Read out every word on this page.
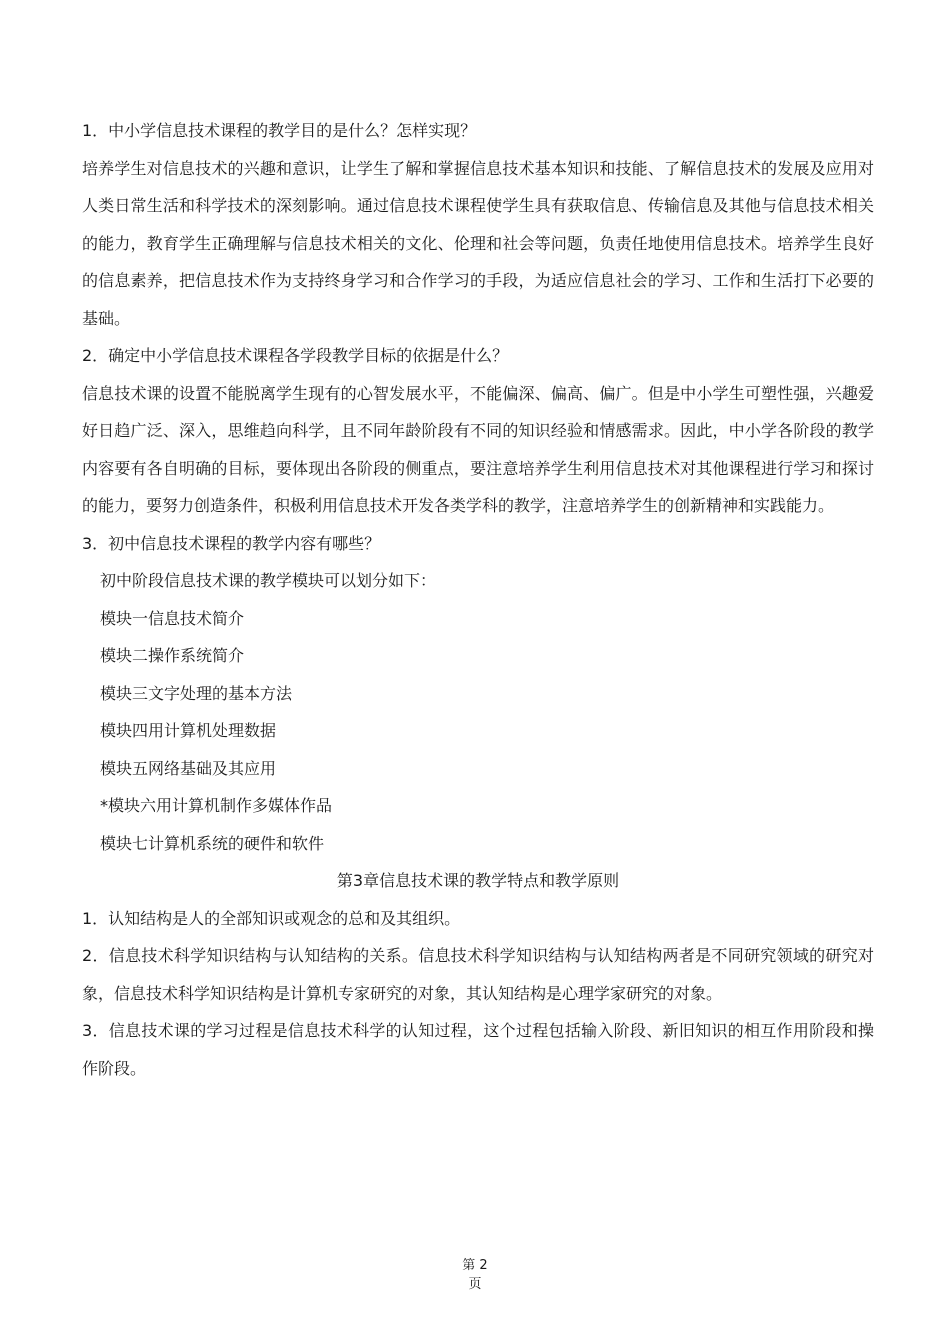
1．中小学信息技术课程的教学目的是什么？怎样实现？

培养学生对信息技术的兴趣和意识，让学生了解和掌握信息技术基本知识和技能、了解信息技术的发展及应用对人类日常生活和科学技术的深刻影响。通过信息技术课程使学生具有获取信息、传输信息及其他与信息技术相关的能力，教育学生正确理解与信息技术相关的文化、伦理和社会等问题，负责任地使用信息技术。培养学生良好的信息素养，把信息技术作为支持终身学习和合作学习的手段，为适应信息社会的学习、工作和生活打下必要的基础。

2．确定中小学信息技术课程各学段教学目标的依据是什么？

信息技术课的设置不能脱离学生现有的心智发展水平，不能偏深、偏高、偏广。但是中小学生可塑性强，兴趣爱好日趋广泛、深入，思维趋向科学，且不同年龄阶段有不同的知识经验和情感需求。因此，中小学各阶段的教学内容要有各自明确的目标，要体现出各阶段的侧重点，要注意培养学生利用信息技术对其他课程进行学习和探讨的能力，要努力创造条件，积极利用信息技术开发各类学科的教学，注意培养学生的创新精神和实践能力。

3．初中信息技术课程的教学内容有哪些？

初中阶段信息技术课的教学模块可以划分如下：

模块一信息技术简介

模块二操作系统简介

模块三文字处理的基本方法

模块四用计算机处理数据

模块五网络基础及其应用

*模块六用计算机制作多媒体作品

模块七计算机系统的硬件和软件

第3章信息技术课的教学特点和教学原则

1．认知结构是人的全部知识或观念的总和及其组织。

2．信息技术科学知识结构与认知结构的关系。信息技术科学知识结构与认知结构两者是不同研究领域的研究对象，信息技术科学知识结构是计算机专家研究的对象，其认知结构是心理学家研究的对象。

3．信息技术课的学习过程是信息技术科学的认知过程，这个过程包括输入阶段、新旧知识的相互作用阶段和操作阶段。

第 2
页
